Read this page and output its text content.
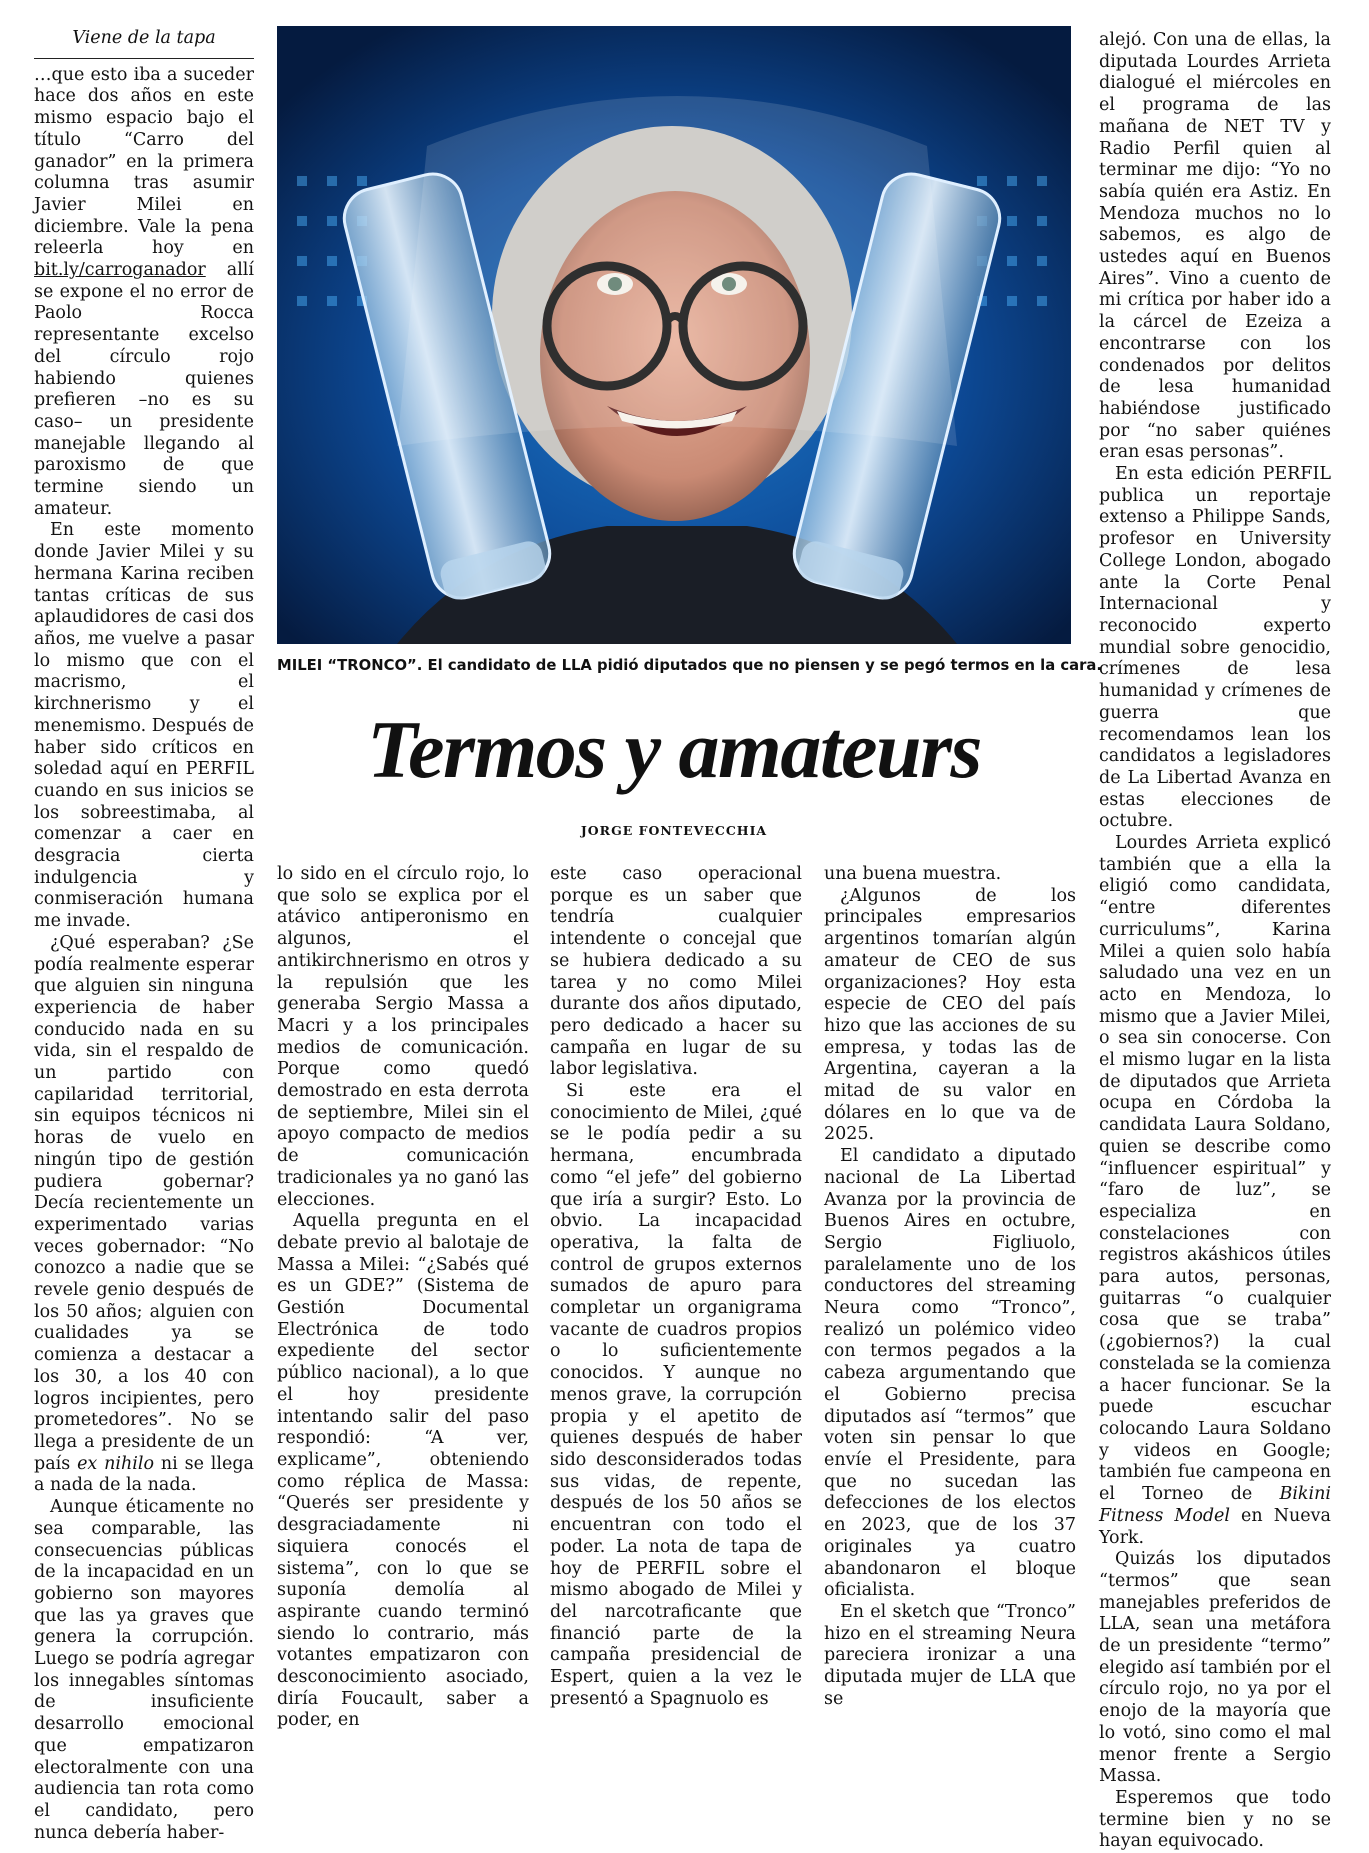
Viene de la tapa

…que esto iba a suceder hace dos años en este mismo espacio bajo el título “Carro del ganador” en la primera columna tras asumir Javier Milei en diciembre. Vale la pena releerla hoy en bit.ly/carroganador allí se expone el no error de Paolo Rocca representante excelso del círculo rojo habiendo quienes prefieren –no es su caso– un presidente manejable llegando al paroxismo de que termine siendo un amateur.

En este momento donde Javier Milei y su hermana Karina reciben tantas críticas de sus aplaudidores de casi dos años, me vuelve a pasar lo mismo que con el macrismo, el kirchnerismo y el menemismo. Después de haber sido críticos en soledad aquí en PERFIL cuando en sus inicios se los sobreestimaba, al comenzar a caer en desgracia cierta indulgencia y conmiseración humana me invade.

¿Qué esperaban? ¿Se podía realmente esperar que alguien sin ninguna experiencia de haber conducido nada en su vida, sin el respaldo de un partido con capilaridad territorial, sin equipos técnicos ni horas de vuelo en ningún tipo de gestión pudiera gobernar? Decía recientemente un experimentado varias veces gobernador: “No conozco a nadie que se revele genio después de los 50 años; alguien con cualidades ya se comienza a destacar a los 30, a los 40 con logros incipientes, pero prometedores”. No se llega a presidente de un país ex nihilo ni se llega a nada de la nada.

Aunque éticamente no sea comparable, las consecuencias públicas de la incapacidad en un gobierno son mayores que las ya graves que genera la corrupción. Luego se podría agregar los innegables síntomas de insuficiente desarrollo emocional que empatizaron electoralmente con una audiencia tan rota como el candidato, pero nunca debería haber-

MILEI “TRONCO”. El candidato de LLA pidió diputados que no piensen y se pegó termos en la cara.
Termos y amateurs
JORGE FONTEVECCHIA

lo sido en el círculo rojo, lo que solo se explica por el atávico antiperonismo en algunos, el antikirchnerismo en otros y la repulsión que les generaba Sergio Massa a Macri y a los principales medios de comunicación. Porque como quedó demostrado en esta derrota de septiembre, Milei sin el apoyo compacto de medios de comunicación tradicionales ya no ganó las elecciones.

Aquella pregunta en el debate previo al balotaje de Massa a Milei: “¿Sabés qué es un GDE?” (Sistema de Gestión Documental Electrónica de todo expediente del sector público nacional), a lo que el hoy presidente intentando salir del paso respondió: “A ver, explicame”, obteniendo como réplica de Massa: “Querés ser presidente y desgraciadamente ni siquiera conocés el sistema”, con lo que se suponía demolía al aspirante cuando terminó siendo lo contrario, más votantes empatizaron con desconocimiento asociado, diría Foucault, saber a poder, en

este caso operacional porque es un saber que tendría cualquier intendente o concejal que se hubiera dedicado a su tarea y no como Milei durante dos años diputado, pero dedicado a hacer su campaña en lugar de su labor legislativa.

Si este era el conocimiento de Milei, ¿qué se le podía pedir a su hermana, encumbrada como “el jefe” del gobierno que iría a surgir? Esto. Lo obvio. La incapacidad operativa, la falta de control de grupos externos sumados de apuro para completar un organigrama vacante de cuadros propios o lo suficientemente conocidos. Y aunque no menos grave, la corrupción propia y el apetito de quienes después de haber sido desconsiderados todas sus vidas, de repente, después de los 50 años se encuentran con todo el poder. La nota de tapa de hoy de PERFIL sobre el mismo abogado de Milei y del narcotraficante que financió parte de la campaña presidencial de Espert, quien a la vez le presentó a Spagnuolo es

una buena muestra.

¿Algunos de los principales empresarios argentinos tomarían algún amateur de CEO de sus organizaciones? Hoy esta especie de CEO del país hizo que las acciones de su empresa, y todas las de Argentina, cayeran a la mitad de su valor en dólares en lo que va de 2025.

El candidato a diputado nacional de La Libertad Avanza por la provincia de Buenos Aires en octubre, Sergio Figliuolo, paralelamente uno de los conductores del streaming Neura como “Tronco”, realizó un polémico video con termos pegados a la cabeza argumentando que el Gobierno precisa diputados así “termos” que voten sin pensar lo que envíe el Presidente, para que no sucedan las defecciones de los electos en 2023, que de los 37 originales ya cuatro abandonaron el bloque oficialista.

En el sketch que “Tronco” hizo en el streaming Neura pareciera ironizar a una diputada mujer de LLA que se

alejó. Con una de ellas, la diputada Lourdes Arrieta dialogué el miércoles en el programa de las mañana de NET TV y Radio Perfil quien al terminar me dijo: “Yo no sabía quién era Astiz. En Mendoza muchos no lo sabemos, es algo de ustedes aquí en Buenos Aires”. Vino a cuento de mi crítica por haber ido a la cárcel de Ezeiza a encontrarse con los condenados por delitos de lesa humanidad habiéndose justificado por “no saber quiénes eran esas personas”.

En esta edición PERFIL publica un reportaje extenso a Philippe Sands, profesor en University College London, abogado ante la Corte Penal Internacional y reconocido experto mundial sobre genocidio, crímenes de lesa humanidad y crímenes de guerra que recomendamos lean los candidatos a legisladores de La Libertad Avanza en estas elecciones de octubre.

Lourdes Arrieta explicó también que a ella la eligió como candidata, “entre diferentes curriculums”, Karina Milei a quien solo había saludado una vez en un acto en Mendoza, lo mismo que a Javier Milei, o sea sin conocerse. Con el mismo lugar en la lista de diputados que Arrieta ocupa en Córdoba la candidata Laura Soldano, quien se describe como “influencer espiritual” y “faro de luz”, se especializa en constelaciones con registros akáshicos útiles para autos, personas, guitarras “o cualquier cosa que se traba” (¿gobiernos?) la cual constelada se la comienza a hacer funcionar. Se la puede escuchar colocando Laura Soldano y videos en Google; también fue campeona en el Torneo de Bikini Fitness Model en Nueva York.

Quizás los diputados “termos” que sean manejables preferidos de LLA, sean una metáfora de un presidente “termo” elegido así también por el círculo rojo, no ya por el enojo de la mayoría que lo votó, sino como el mal menor frente a Sergio Massa.

Esperemos que todo termine bien y no se hayan equivocado.
